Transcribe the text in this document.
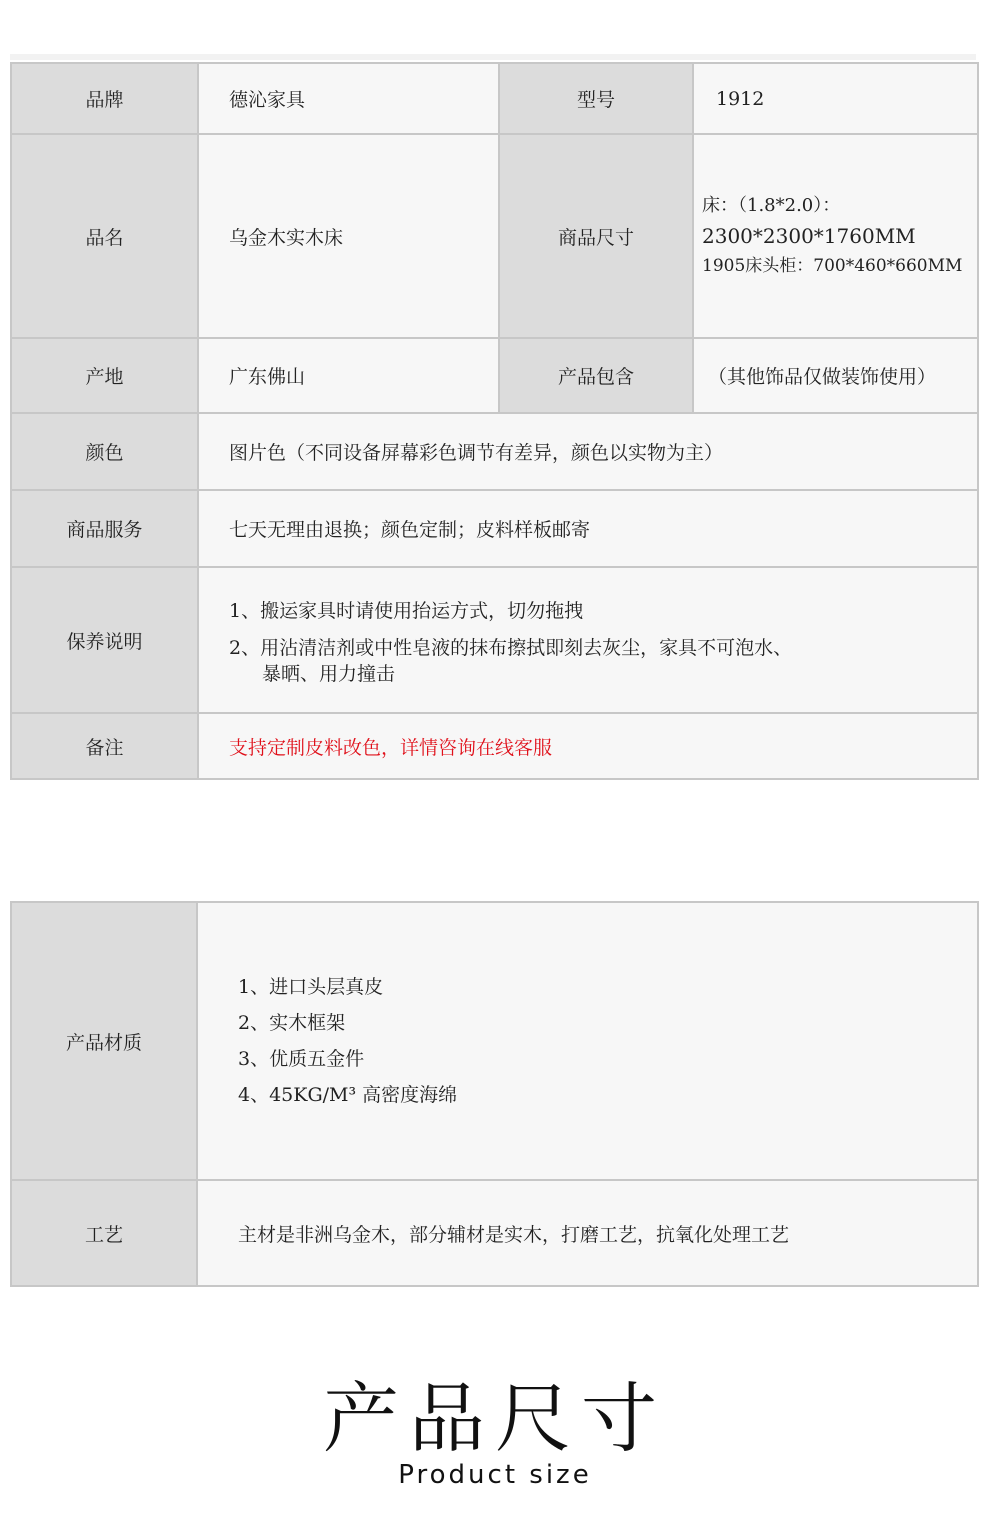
品牌	德沁家具	型号	1912
品名	乌金木实木床	商品尺寸	床：（1.8*2.0）：
2300*2300*1760MM
1905床头柜：700*460*660MM

产地	广东佛山	产品包含	（其他饰品仅做装饰使用）
颜色	图片色（不同设备屏幕彩色调节有差异，颜色以实物为主）		
商品服务	七天无理由退换；颜色定制；皮料样板邮寄		
保养说明	1、搬运家具时请使用抬运方式，切勿拖拽
2、用沾清洁剂或中性皂液的抹布擦拭即刻去灰尘，家具不可泡水、
暴晒、用力撞击		

备注	支持定制皮料改色，详情咨询在线客服		
产品材质	1、进口头层真皮
2、实木框架
3、优质五金件
4、45KG/M³ 高密度海绵

工艺	主材是非洲乌金木，部分辅材是实木，打磨工艺，抗氧化处理工艺
产品尺寸
Product size
